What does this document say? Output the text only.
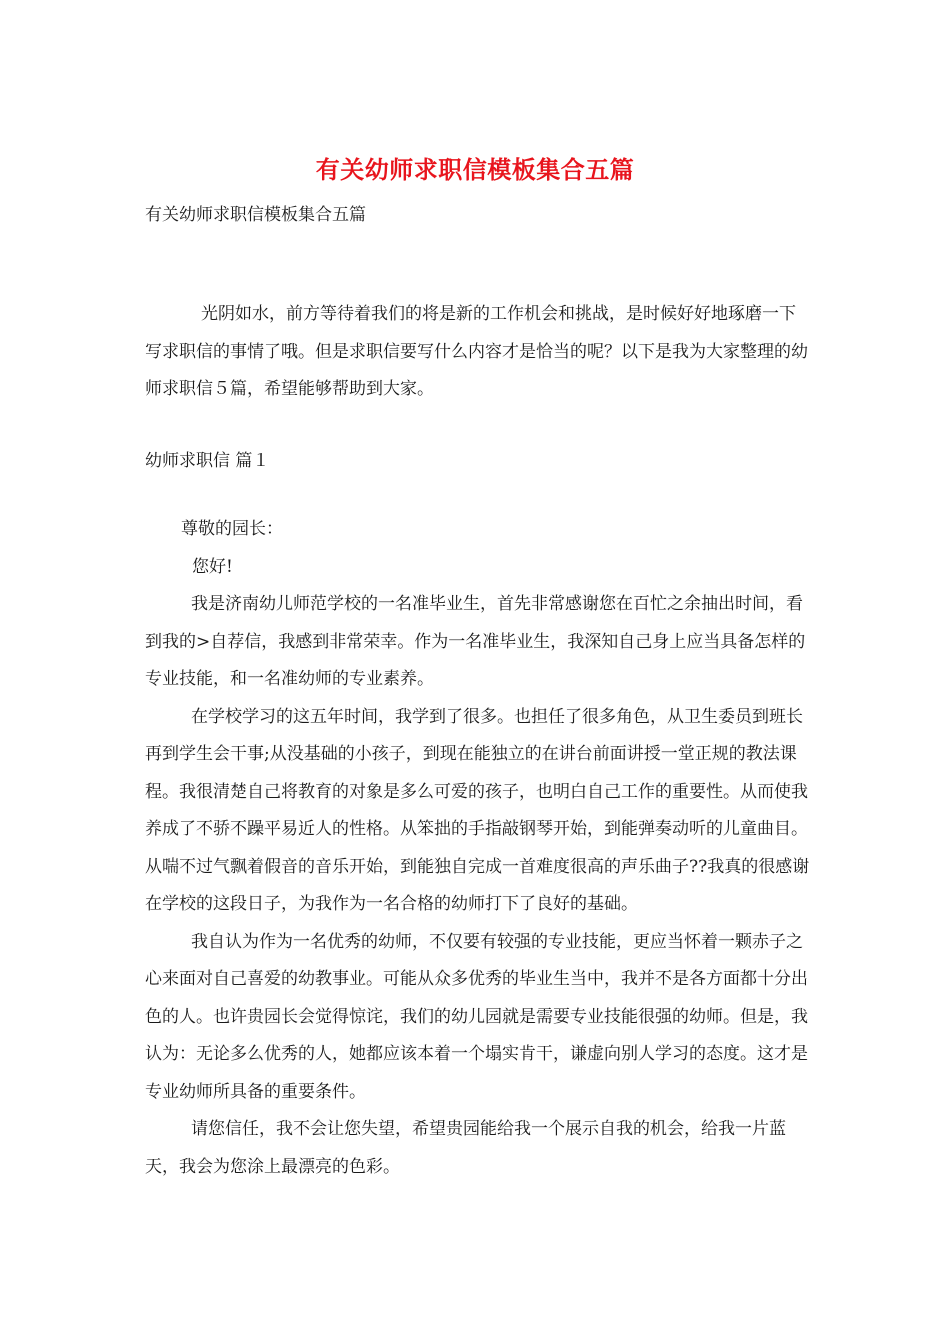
有关幼师求职信模板集合五篇
有关幼师求职信模板集合五篇

光阴如水，前方等待着我们的将是新的工作机会和挑战，是时候好好地琢磨一下写求职信的事情了哦。但是求职信要写什么内容才是恰当的呢？以下是我为大家整理的幼师求职信５篇，希望能够帮助到大家。

幼师求职信 篇１

尊敬的园长：

您好!

我是济南幼儿师范学校的一名准毕业生，首先非常感谢您在百忙之余抽出时间，看到我的>自荐信，我感到非常荣幸。作为一名准毕业生，我深知自己身上应当具备怎样的专业技能，和一名准幼师的专业素养。

在学校学习的这五年时间，我学到了很多。也担任了很多角色，从卫生委员到班长再到学生会干事;从没基础的小孩子，到现在能独立的在讲台前面讲授一堂正规的教法课程。我很清楚自己将教育的对象是多么可爱的孩子，也明白自己工作的重要性。从而使我养成了不骄不躁平易近人的性格。从笨拙的手指敲钢琴开始，到能弹奏动听的儿童曲目。从喘不过气飘着假音的音乐开始，到能独自完成一首难度很高的声乐曲子??我真的很感谢在学校的这段日子，为我作为一名合格的幼师打下了良好的基础。

我自认为作为一名优秀的幼师，不仅要有较强的专业技能，更应当怀着一颗赤子之心来面对自己喜爱的幼教事业。可能从众多优秀的毕业生当中，我并不是各方面都十分出色的人。也许贵园长会觉得惊诧，我们的幼儿园就是需要专业技能很强的幼师。但是，我认为：无论多么优秀的人，她都应该本着一个塌实肯干，谦虚向别人学习的态度。这才是专业幼师所具备的重要条件。

请您信任，我不会让您失望，希望贵园能给我一个展示自我的机会，给我一片蓝天，我会为您涂上最漂亮的色彩。
